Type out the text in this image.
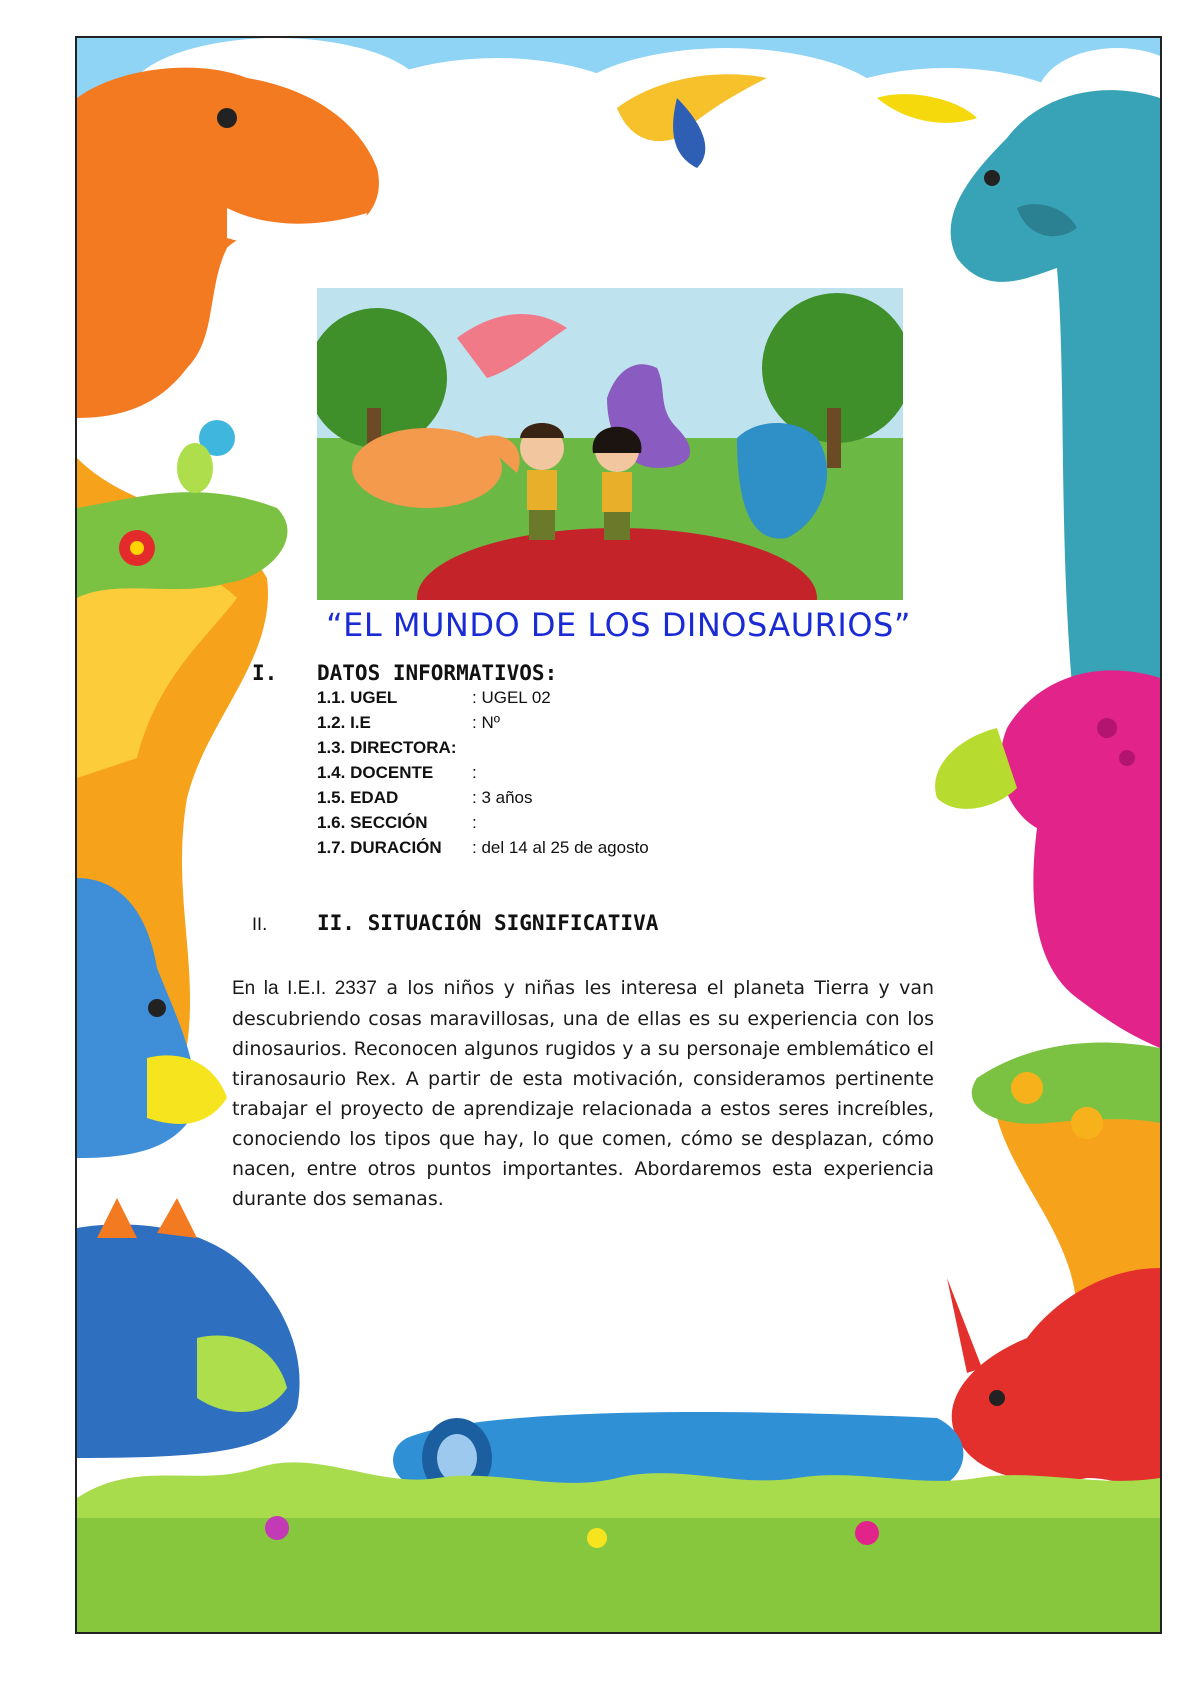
“EL MUNDO DE LOS DINOSAURIOS”
I. DATOS INFORMATIVOS:
1.1. UGEL	: UGEL 02
1.2. I.E	: Nº
1.3. DIRECTORA:
1.4. DOCENTE :
1.5. EDAD	: 3 años
1.6. SECCIÓN	:
1.7. DURACIÓN : del 14 al 25 de agosto
II. II. SITUACIÓN SIGNIFICATIVA
En la I.E.I. 2337 a los niños y niñas les interesa el planeta Tierra y van descubriendo cosas maravillosas, una de ellas es su experiencia con los dinosaurios. Reconocen algunos rugidos y a su personaje emblemático el tiranosaurio Rex. A partir de esta motivación, consideramos pertinente trabajar el proyecto de aprendizaje relacionada a estos seres increíbles, conociendo los tipos que hay, lo que comen, cómo se desplazan, cómo nacen, entre otros puntos importantes. Abordaremos esta experiencia durante dos semanas.
